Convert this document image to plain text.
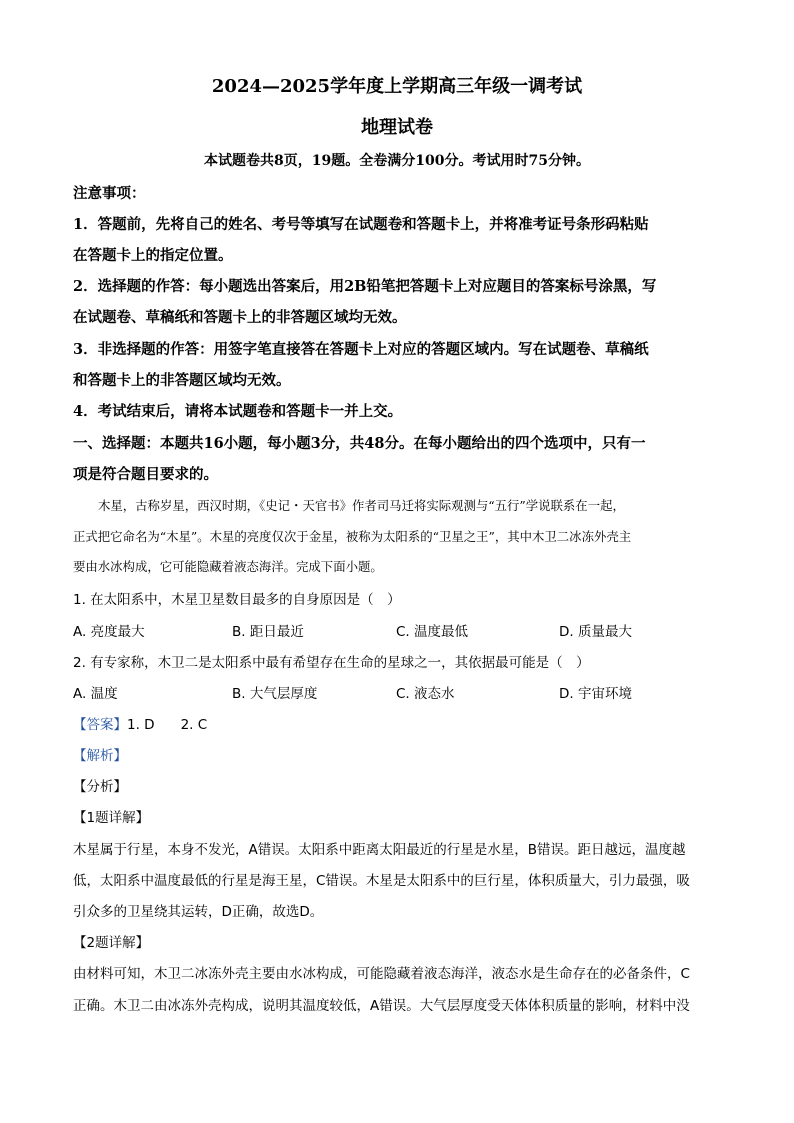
2024—2025学年度上学期高三年级一调考试
地理试卷
本试题卷共8页，19题。全卷满分100分。考试用时75分钟。
注意事项：
1．答题前，先将自己的姓名、考号等填写在试题卷和答题卡上，并将准考证号条形码粘贴
在答题卡上的指定位置。
2．选择题的作答：每小题选出答案后，用2B铅笔把答题卡上对应题目的答案标号涂黑，写
在试题卷、草稿纸和答题卡上的非答题区域均无效。
3．非选择题的作答：用签字笔直接答在答题卡上对应的答题区域内。写在试题卷、草稿纸
和答题卡上的非答题区域均无效。
4．考试结束后，请将本试题卷和答题卡一并上交。
一、选择题：本题共16小题，每小题3分，共48分。在每小题给出的四个选项中，只有一
项是符合题目要求的。
木星，古称岁星，西汉时期，《史记・天官书》作者司马迁将实际观测与“五行”学说联系在一起，
正式把它命名为“木星”。木星的亮度仅次于金星，被称为太阳系的“卫星之王”，其中木卫二冰冻外壳主
要由水冰构成，它可能隐藏着液态海洋。完成下面小题。
1. 在太阳系中，木星卫星数目最多的自身原因是（　）
A. 亮度最大	B. 距日最近	C. 温度最低	D. 质量最大
2. 有专家称，木卫二是太阳系中最有希望存在生命的星球之一，其依据最可能是（　）
A. 温度	B. 大气层厚度	C. 液态水	D. 宇宙环境
【答案】1. D 2. C
【解析】
【分析】
【1题详解】
木星属于行星，本身不发光，A错误。太阳系中距离太阳最近的行星是水星，B错误。距日越远，温度越
低，太阳系中温度最低的行星是海王星，C错误。木星是太阳系中的巨行星，体积质量大，引力最强，吸
引众多的卫星绕其运转，D正确，故选D。
【2题详解】
由材料可知，木卫二冰冻外壳主要由水冰构成，可能隐藏着液态海洋，液态水是生命存在的必备条件，C
正确。木卫二由冰冻外壳构成，说明其温度较低，A错误。大气层厚度受天体体积质量的影响，材料中没
